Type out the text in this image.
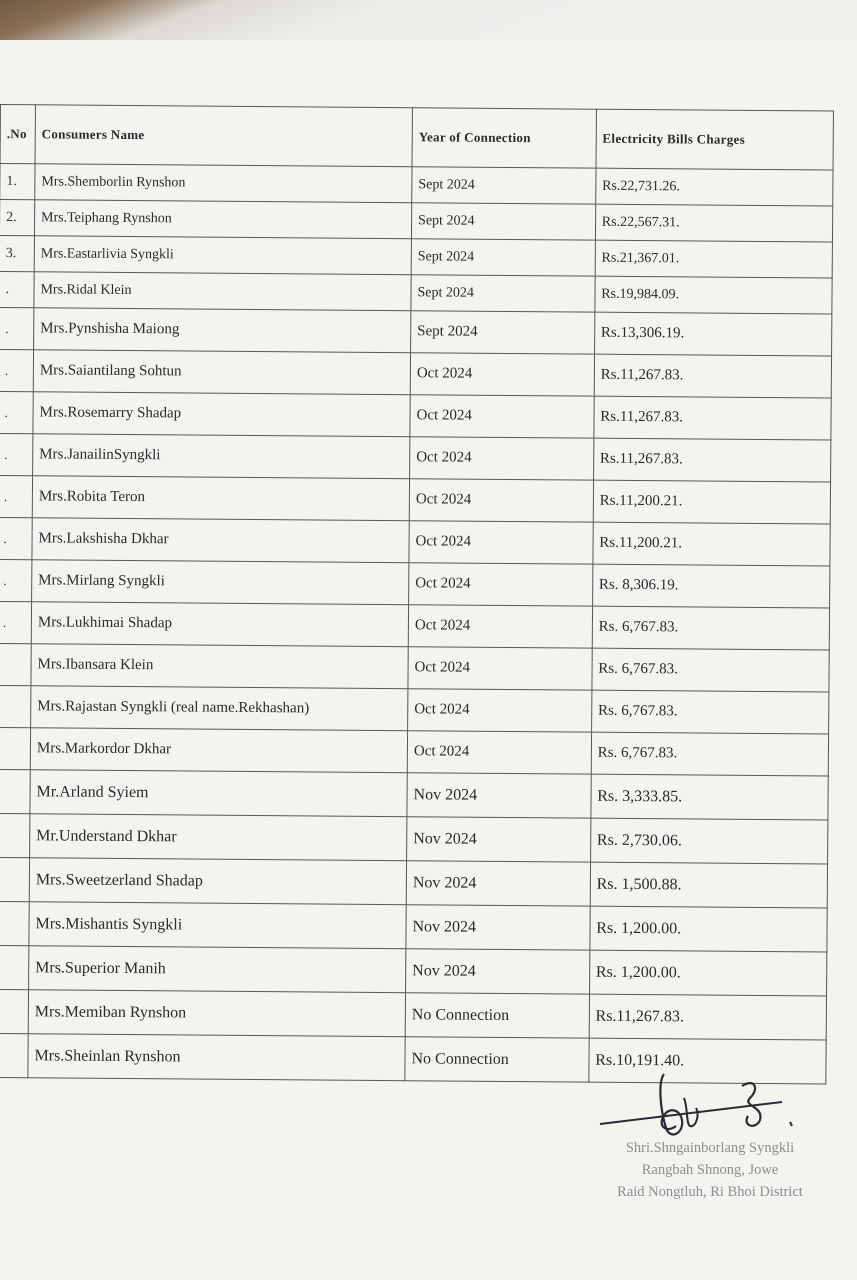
.No	Consumers Name	Year of Connection	Electricity Bills Charges
1.	Mrs.Shemborlin Rynshon	Sept 2024	Rs.22,731.26.
2.	Mrs.Teiphang Rynshon	Sept 2024	Rs.22,567.31.
3.	Mrs.Eastarlivia Syngkli	Sept 2024	Rs.21,367.01.
.	Mrs.Ridal Klein	Sept 2024	Rs.19,984.09.
.	Mrs.Pynshisha Maiong	Sept 2024	Rs.13,306.19.
.	Mrs.Saiantilang Sohtun	Oct 2024	Rs.11,267.83.
.	Mrs.Rosemarry Shadap	Oct 2024	Rs.11,267.83.
.	Mrs.JanailinSyngkli	Oct 2024	Rs.11,267.83.
.	Mrs.Robita Teron	Oct 2024	Rs.11,200.21.
.	Mrs.Lakshisha Dkhar	Oct 2024	Rs.11,200.21.
.	Mrs.Mirlang Syngkli	Oct 2024	Rs. 8,306.19.
.	Mrs.Lukhimai Shadap	Oct 2024	Rs. 6,767.83.
	Mrs.Ibansara Klein	Oct 2024	Rs. 6,767.83.
	Mrs.Rajastan Syngkli (real name.Rekhashan)	Oct 2024	Rs. 6,767.83.
	Mrs.Markordor Dkhar	Oct 2024	Rs. 6,767.83.
	Mr.Arland Syiem	Nov 2024	Rs. 3,333.85.
	Mr.Understand Dkhar	Nov 2024	Rs. 2,730.06.
	Mrs.Sweetzerland Shadap	Nov 2024	Rs. 1,500.88.
	Mrs.Mishantis Syngkli	Nov 2024	Rs. 1,200.00.
	Mrs.Superior Manih	Nov 2024	Rs. 1,200.00.
	Mrs.Memiban Rynshon	No Connection	Rs.11,267.83.
	Mrs.Sheinlan Rynshon	No Connection	Rs.10,191.40.
Shri.Shngainborlang Syngkli
Rangbah Shnong, Jowe
Raid Nongtluh, Ri Bhoi District
